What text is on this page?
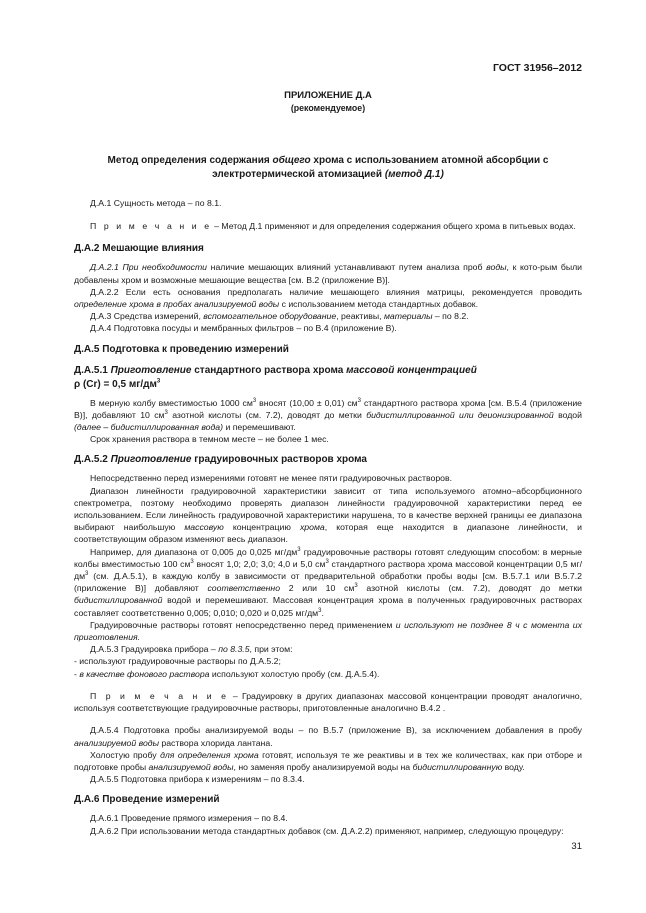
ГОСТ 31956–2012
ПРИЛОЖЕНИЕ Д.А
(рекомендуемое)
Метод определения содержания общего хрома с использованием атомной абсорбции с
электротермической атомизацией (метод Д.1)

Д.А.1 Сущность метода – по 8.1.

П р и м е ч а н и е – Метод Д.1 применяют и для определения содержания общего хрома в питьевых водах.

Д.А.2 Мешающие влияния

Д.А.2.1 При необходимости наличие мешающих влияний устанавливают путем анализа проб воды, к кото-рым были добавлены хром и возможные мешающие вещества [см. В.2 (приложение В)].

Д.А.2.2 Если есть основания предполагать наличие мешающего влияния матрицы, рекомендуется проводить определение хрома в пробах анализируемой воды с использованием метода стандартных добавок.

Д.А.3 Средства измерений, вспомогательное оборудование, реактивы, материалы – по 8.2.

Д.А.4 Подготовка посуды и мембранных фильтров – по В.4 (приложение В).

Д.А.5 Подготовка к проведению измерений
Д.А.5.1 Приготовление стандартного раствора хрома массовой концентрацией
ρ (Cr) = 0,5 $мг/дм^3$

В мерную колбу вместимостью 1000 $см^3$ вносят (10,00 ± 0,01) $см^3$ стандартного раствора хрома [см. В.5.4 (приложение В)], добавляют 10 $см^3$ азотной кислоты (см. 7.2), доводят до метки бидистиллированной или деионизированной водой (далее – бидистиллированная вода) и перемешивают.

Срок хранения раствора в темном месте – не более 1 мес.

Д.А.5.2 Приготовление градуировочных растворов хрома

Непосредственно перед измерениями готовят не менее пяти градуировочных растворов.

Диапазон линейности градуировочной характеристики зависит от типа используемого атомно–абсорбционного спектрометра, поэтому необходимо проверять диапазон линейности градуировочной характеристики перед ее использованием. Если линейность градуировочной характеристики нарушена, то в качестве верхней границы ее диапазона выбирают наибольшую массовую концентрацию хрома, которая еще находится в диапазоне линейности, и соответствующим образом изменяют весь диапазон.

Например, для диапазона от 0,005 до 0,025 $мг/дм^3$ градуировочные растворы готовят следующим способом: в мерные колбы вместимостью 100 $см^3$ вносят 1,0; 2,0; 3,0; 4,0 и 5,0 $см^3$ стандартного раствора хрома массовой концентрации 0,5 $мг/дм^3$ (см. Д.А.5.1), в каждую колбу в зависимости от предварительной обработки пробы воды [см. В.5.7.1 или В.5.7.2 (приложение В)] добавляют соответственно 2 или 10 $см^3$ азотной кислоты (см. 7.2), доводят до метки бидистиллированной водой и перемешивают. Массовая концентрация хрома в полученных градуировочных растворах составляет соответственно 0,005; 0,010; 0,020 и 0,025 $мг/дм^3$.

Градуировочные растворы готовят непосредственно перед применением и используют не позднее 8 ч с момента их приготовления.

Д.А.5.3 Градуировка прибора – по 8.3.5, при этом:

- используют градуировочные растворы по Д.А.5.2;

- в качестве фонового раствора используют холостую пробу (см. Д.А.5.4).

П р и м е ч а н и е – Градуировку в других диапазонах массовой концентрации проводят аналогично, используя соответствующие градуировочные растворы, приготовленные аналогично В.4.2 .

Д.А.5.4 Подготовка пробы анализируемой воды – по В.5.7 (приложение В), за исключением добавления в пробу анализируемой воды раствора хлорида лантана.

Холостую пробу для определения хрома готовят, используя те же реактивы и в тех же количествах, как при отборе и подготовке пробы анализируемой воды, но заменяя пробу анализируемой воды на бидистиллированную воду.

Д.А.5.5 Подготовка прибора к измерениям – по 8.3.4.

Д.А.6 Проведение измерений

Д.А.6.1 Проведение прямого измерения – по 8.4.

Д.А.6.2 При использовании метода стандартных добавок (см. Д.А.2.2) применяют, например, следующую процедуру:

31
